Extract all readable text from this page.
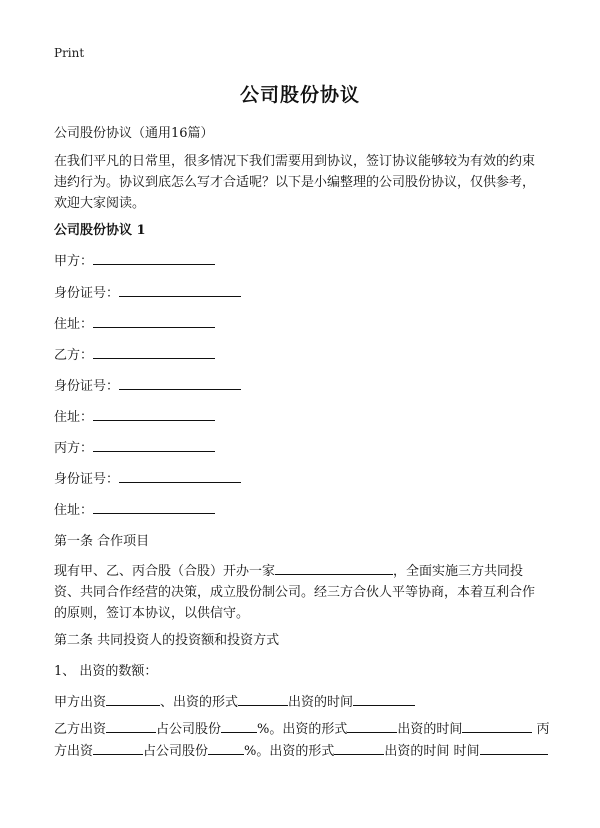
Print
公司股份协议
公司股份协议（通用16篇）
在我们平凡的日常里，很多情况下我们需要用到协议，签订协议能够较为有效的约束违约行为。协议到底怎么写才合适呢？以下是小编整理的公司股份协议，仅供参考，欢迎大家阅读。
公司股份协议 1
甲方：
身份证号：
住址：
乙方：
身份证号：
住址：
丙方：
身份证号：
住址：
第一条 合作项目
现有甲、乙、丙合股（合股）开办一家	，全面实施三方共同投资、共同合作经营的决策，成立股份制公司。经三方合伙人平等协商，本着互利合作的原则，签订本协议，以供信守。
第二条 共同投资人的投资额和投资方式
1、 出资的数额：
甲方出资	、出资的形式	出资的时间
乙方出资	占公司股份	%。出资的形式	出资的时间	丙方出资	占公司股份	%。出资的形式	出资的时间 时间
